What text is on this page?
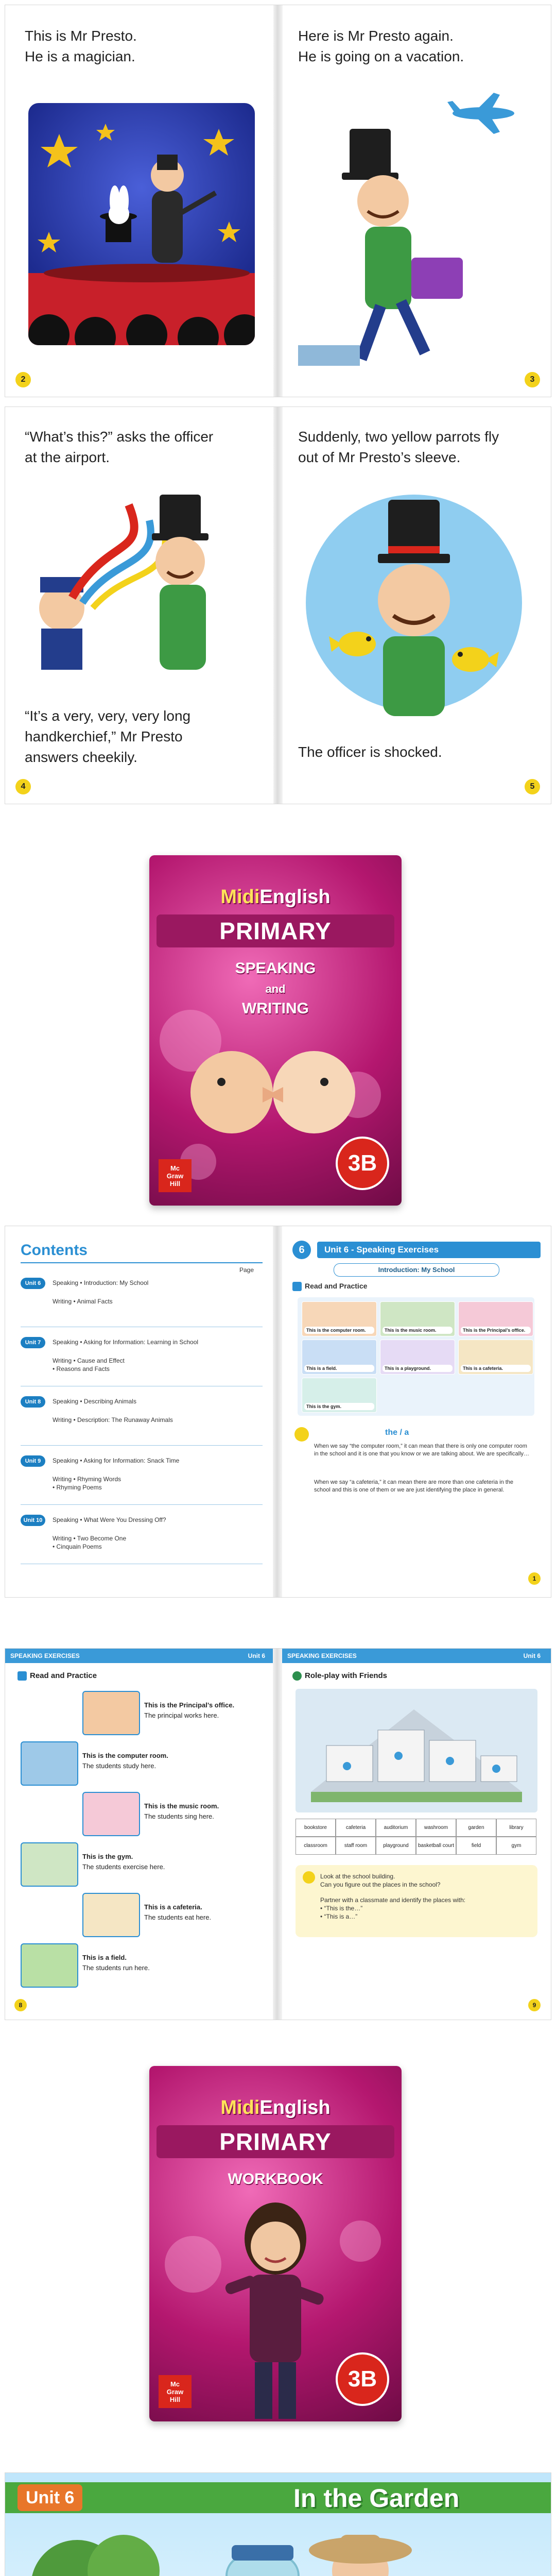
This is Mr Presto.
He is a magician.
2
Here is Mr Presto again.
He is going on a vacation.
3
“What’s this?” asks the officer
at the airport.
“It’s a very, very, very long
handkerchief,” Mr Presto
answers cheekily.
4
Suddenly, two yellow parrots fly
out of Mr Presto’s sleeve.
The officer is shocked.
5
MidiEnglish
PRIMARY
SPEAKING
and
WRITING
Mc
Graw
Hill
3B
Contents
Page
Unit 6	Speaking • Introduction: My School
Writing • Animal Facts
Unit 7	Speaking • Asking for Information: Learning in School
Writing • Cause and Effect
• Reasons and Facts
Unit 8	Speaking • Describing Animals
Writing • Description: The Runaway Animals
Unit 9	Speaking • Asking for Information: Snack Time
Writing • Rhyming Words
• Rhyming Poems
Unit 10	Speaking • What Were You Dressing Off?
Writing • Two Become One
• Cinquain Poems
6	Unit 6 - Speaking Exercises
Introduction: My School
Read and Practice
This is the computer room.	This is the music room.	This is the Principal’s office.
This is a field.	This is a playground.	This is a cafeteria.
This is the gym.
the / a
When we say “the computer room,” it can mean that there is only one computer room in the school and it is one that you know or we are talking about. We are specifically…
When we say “a cafeteria,” it can mean there are more than one cafeteria in the school and this is one of them or we are just identifying the place in general.
1
SPEAKING EXERCISES	Unit 6
Read and Practice
This is the Principal’s office.
The principal works here.
This is the computer room.
The students study here.
This is the music room.
The students sing here.
This is the gym.
The students exercise here.
This is a cafeteria.
The students eat here.
This is a field.
The students run here.
8
SPEAKING EXERCISES	Unit 6
Role-play with Friends
bookstore	cafeteria	auditorium	washroom	garden	library
classroom	staff room	playground	basketball court	field	gym
Look at the school building.
Can you figure out the places in the school?
Partner with a classmate and identify the places with:
• “This is the…”
• “This is a…”
9
MidiEnglish
PRIMARY
WORKBOOK
Mc
Graw
Hill
3B
Unit 6	In the Garden
